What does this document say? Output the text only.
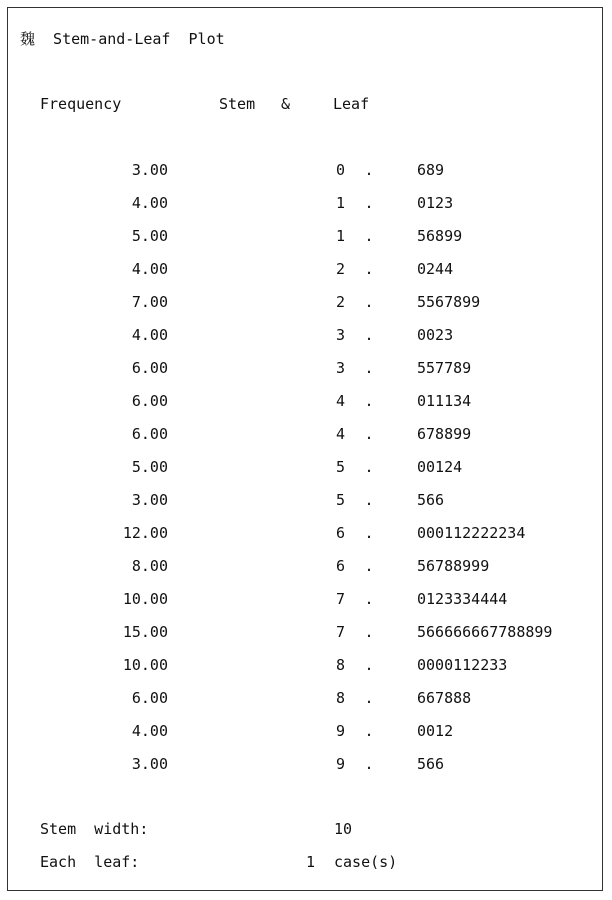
魏  Stem-and-Leaf  Plot
Frequency	Stem &	Leaf
3.00	0 .	689
4.00	1 .	0123
5.00	1 .	56899
4.00	2 .	0244
7.00	2 .	5567899
4.00	3 .	0023
6.00	3 .	557789
6.00	4 .	011134
6.00	4 .	678899
5.00	5 .	00124
3.00	5 .	566
12.00	6 .	000112222234
8.00	6 .	56788999
10.00	7 .	0123334444
15.00	7 .	566666667788899
10.00	8 .	0000112233
6.00	8 .	667888
4.00	9 .	0012
3.00	9 .	566
Stem  width:	10
Each  leaf:	1 case(s)
